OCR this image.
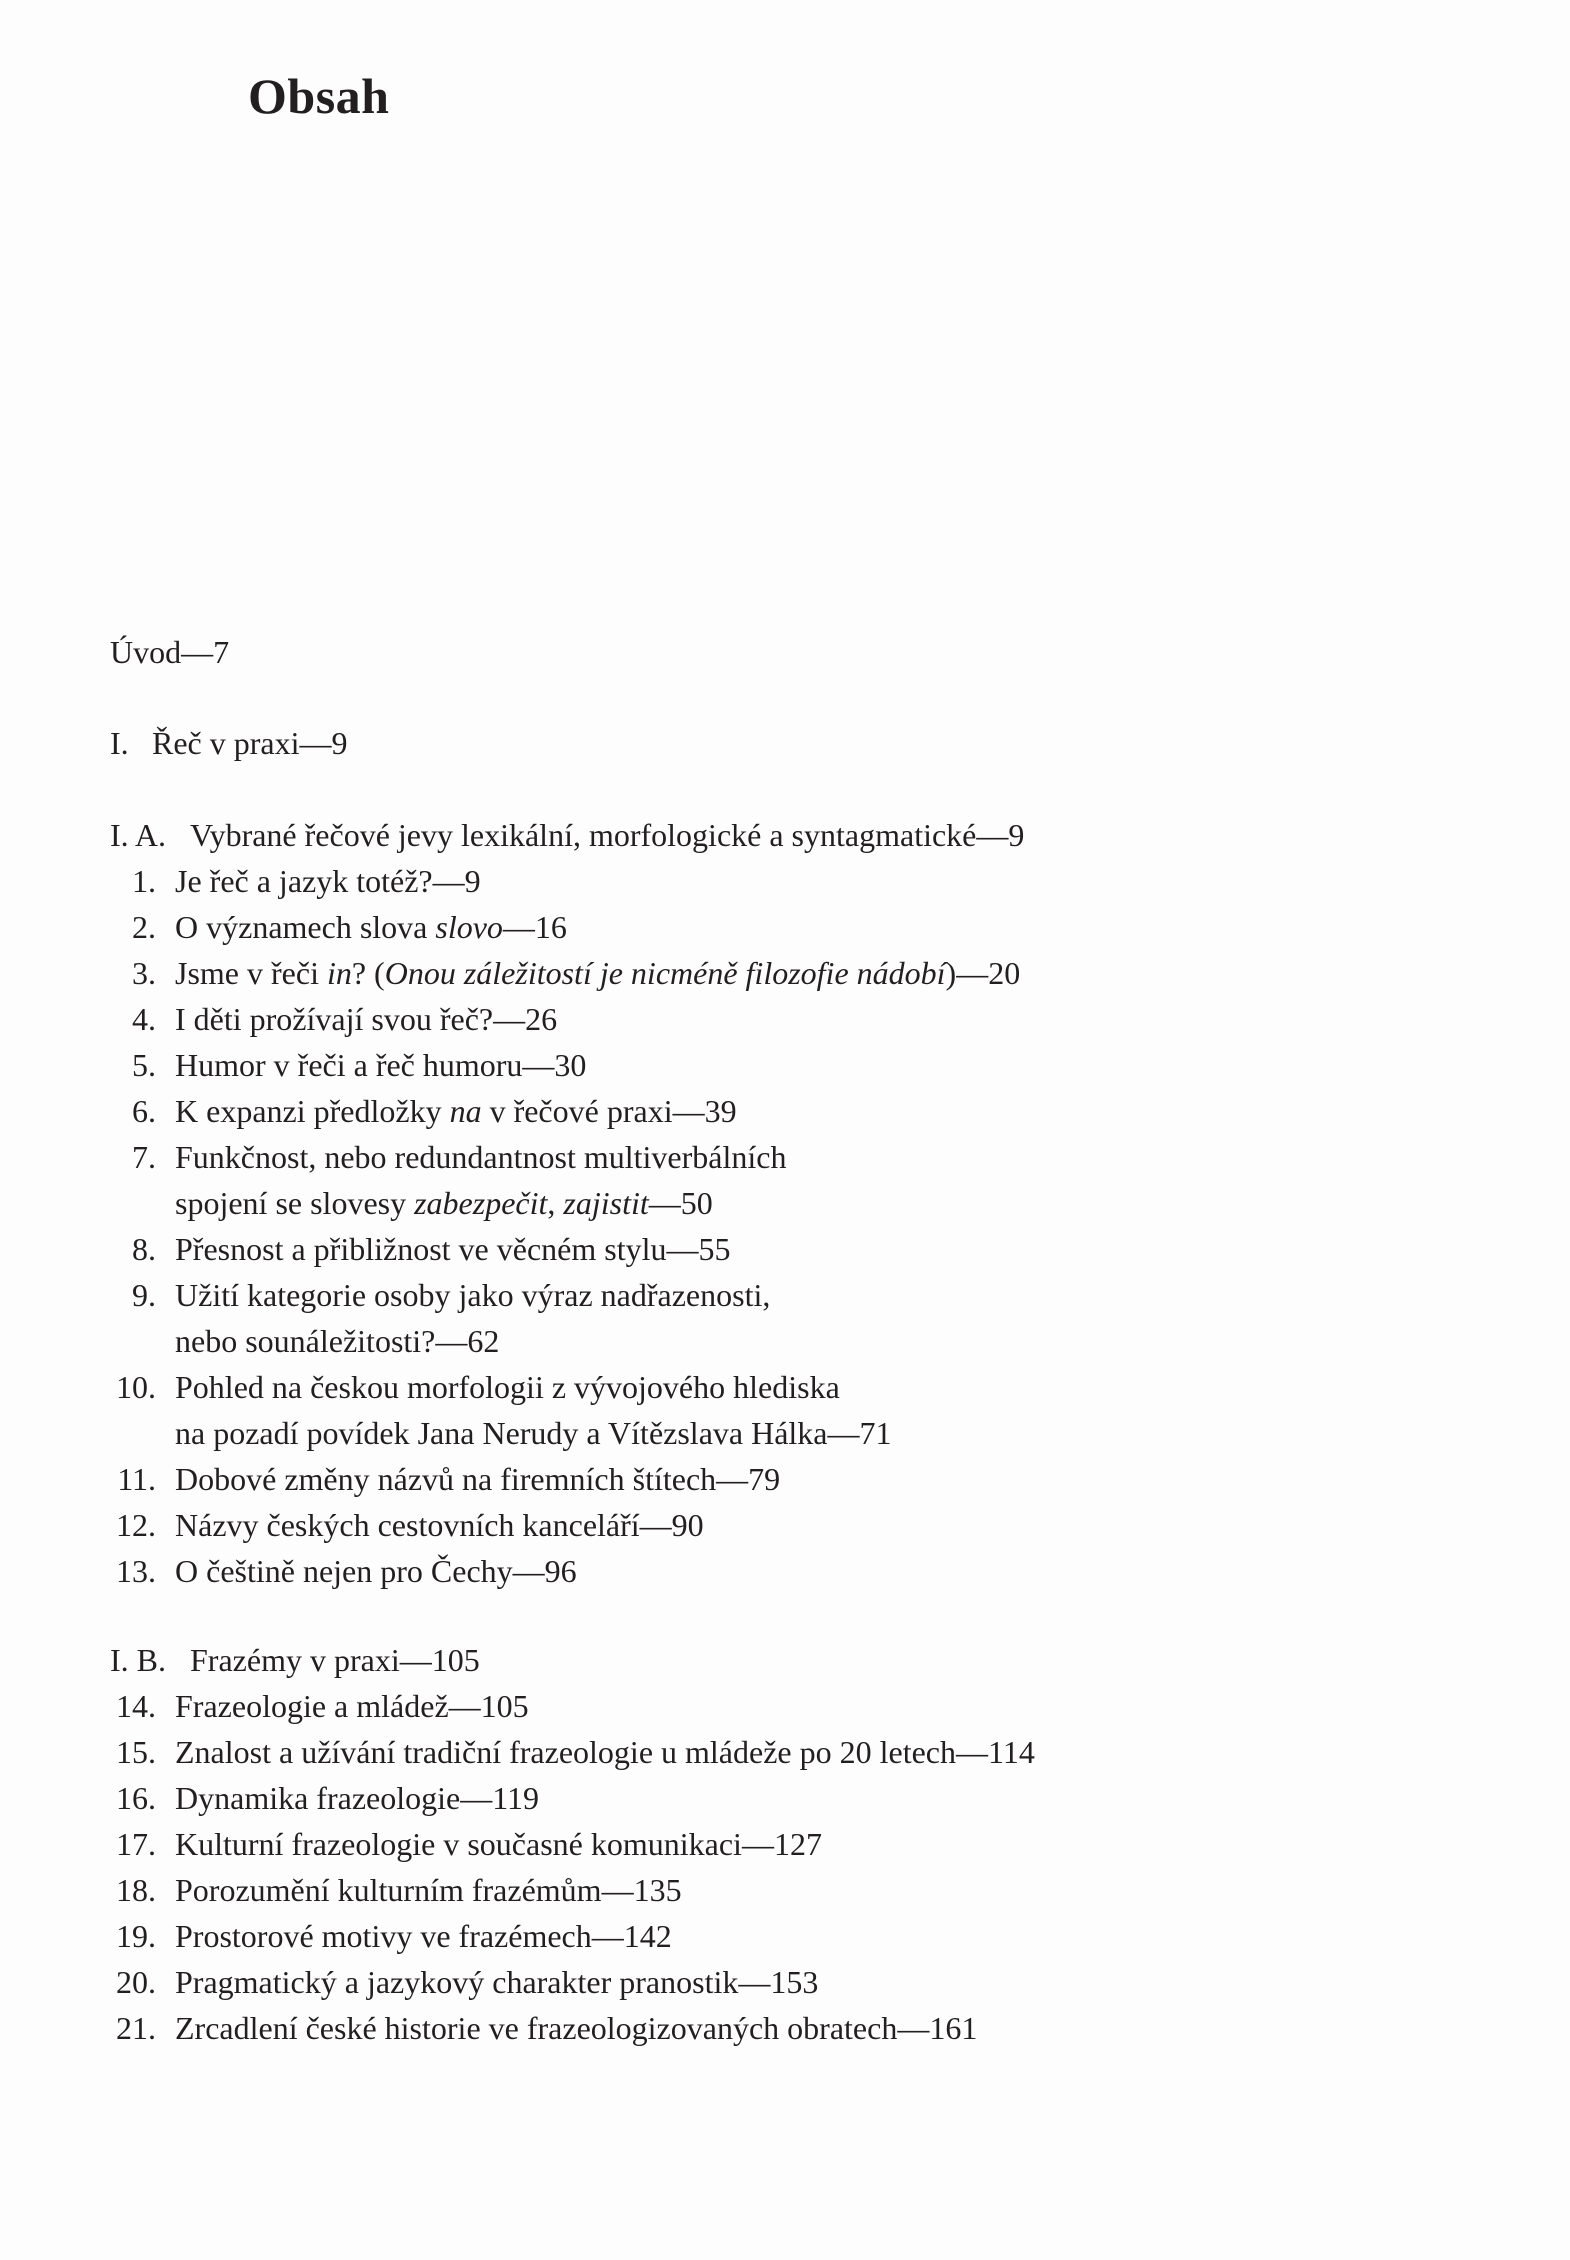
Obsah
Úvod—7
I. Řeč v praxi—9
I. A. Vybrané řečové jevy lexikální, morfologické a syntagmatické—9
1. Je řeč a jazyk totéž?—9
2. O významech slova slovo—16
3. Jsme v řeči in? (Onou záležitostí je nicméně filozofie nádobí)—20
4. I děti prožívají svou řeč?—26
5. Humor v řeči a řeč humoru—30
6. K expanzi předložky na v řečové praxi—39
7. Funkčnost, nebo redundantnost multiverbálních
spojení se slovesy zabezpečit, zajistit—50
8. Přesnost a přibližnost ve věcném stylu—55
9. Užití kategorie osoby jako výraz nadřazenosti,
nebo sounáležitosti?—62
10. Pohled na českou morfologii z vývojového hlediska
na pozadí povídek Jana Nerudy a Vítězslava Hálka—71
11. Dobové změny názvů na firemních štítech—79
12. Názvy českých cestovních kanceláří—90
13. O češtině nejen pro Čechy—96
I. B. Frazémy v praxi—105
14. Frazeologie a mládež—105
15. Znalost a užívání tradiční frazeologie u mládeže po 20 letech—114
16. Dynamika frazeologie—119
17. Kulturní frazeologie v současné komunikaci—127
18. Porozumění kulturním frazémům—135
19. Prostorové motivy ve frazémech—142
20. Pragmatický a jazykový charakter pranostik—153
21. Zrcadlení české historie ve frazeologizovaných obratech—161
